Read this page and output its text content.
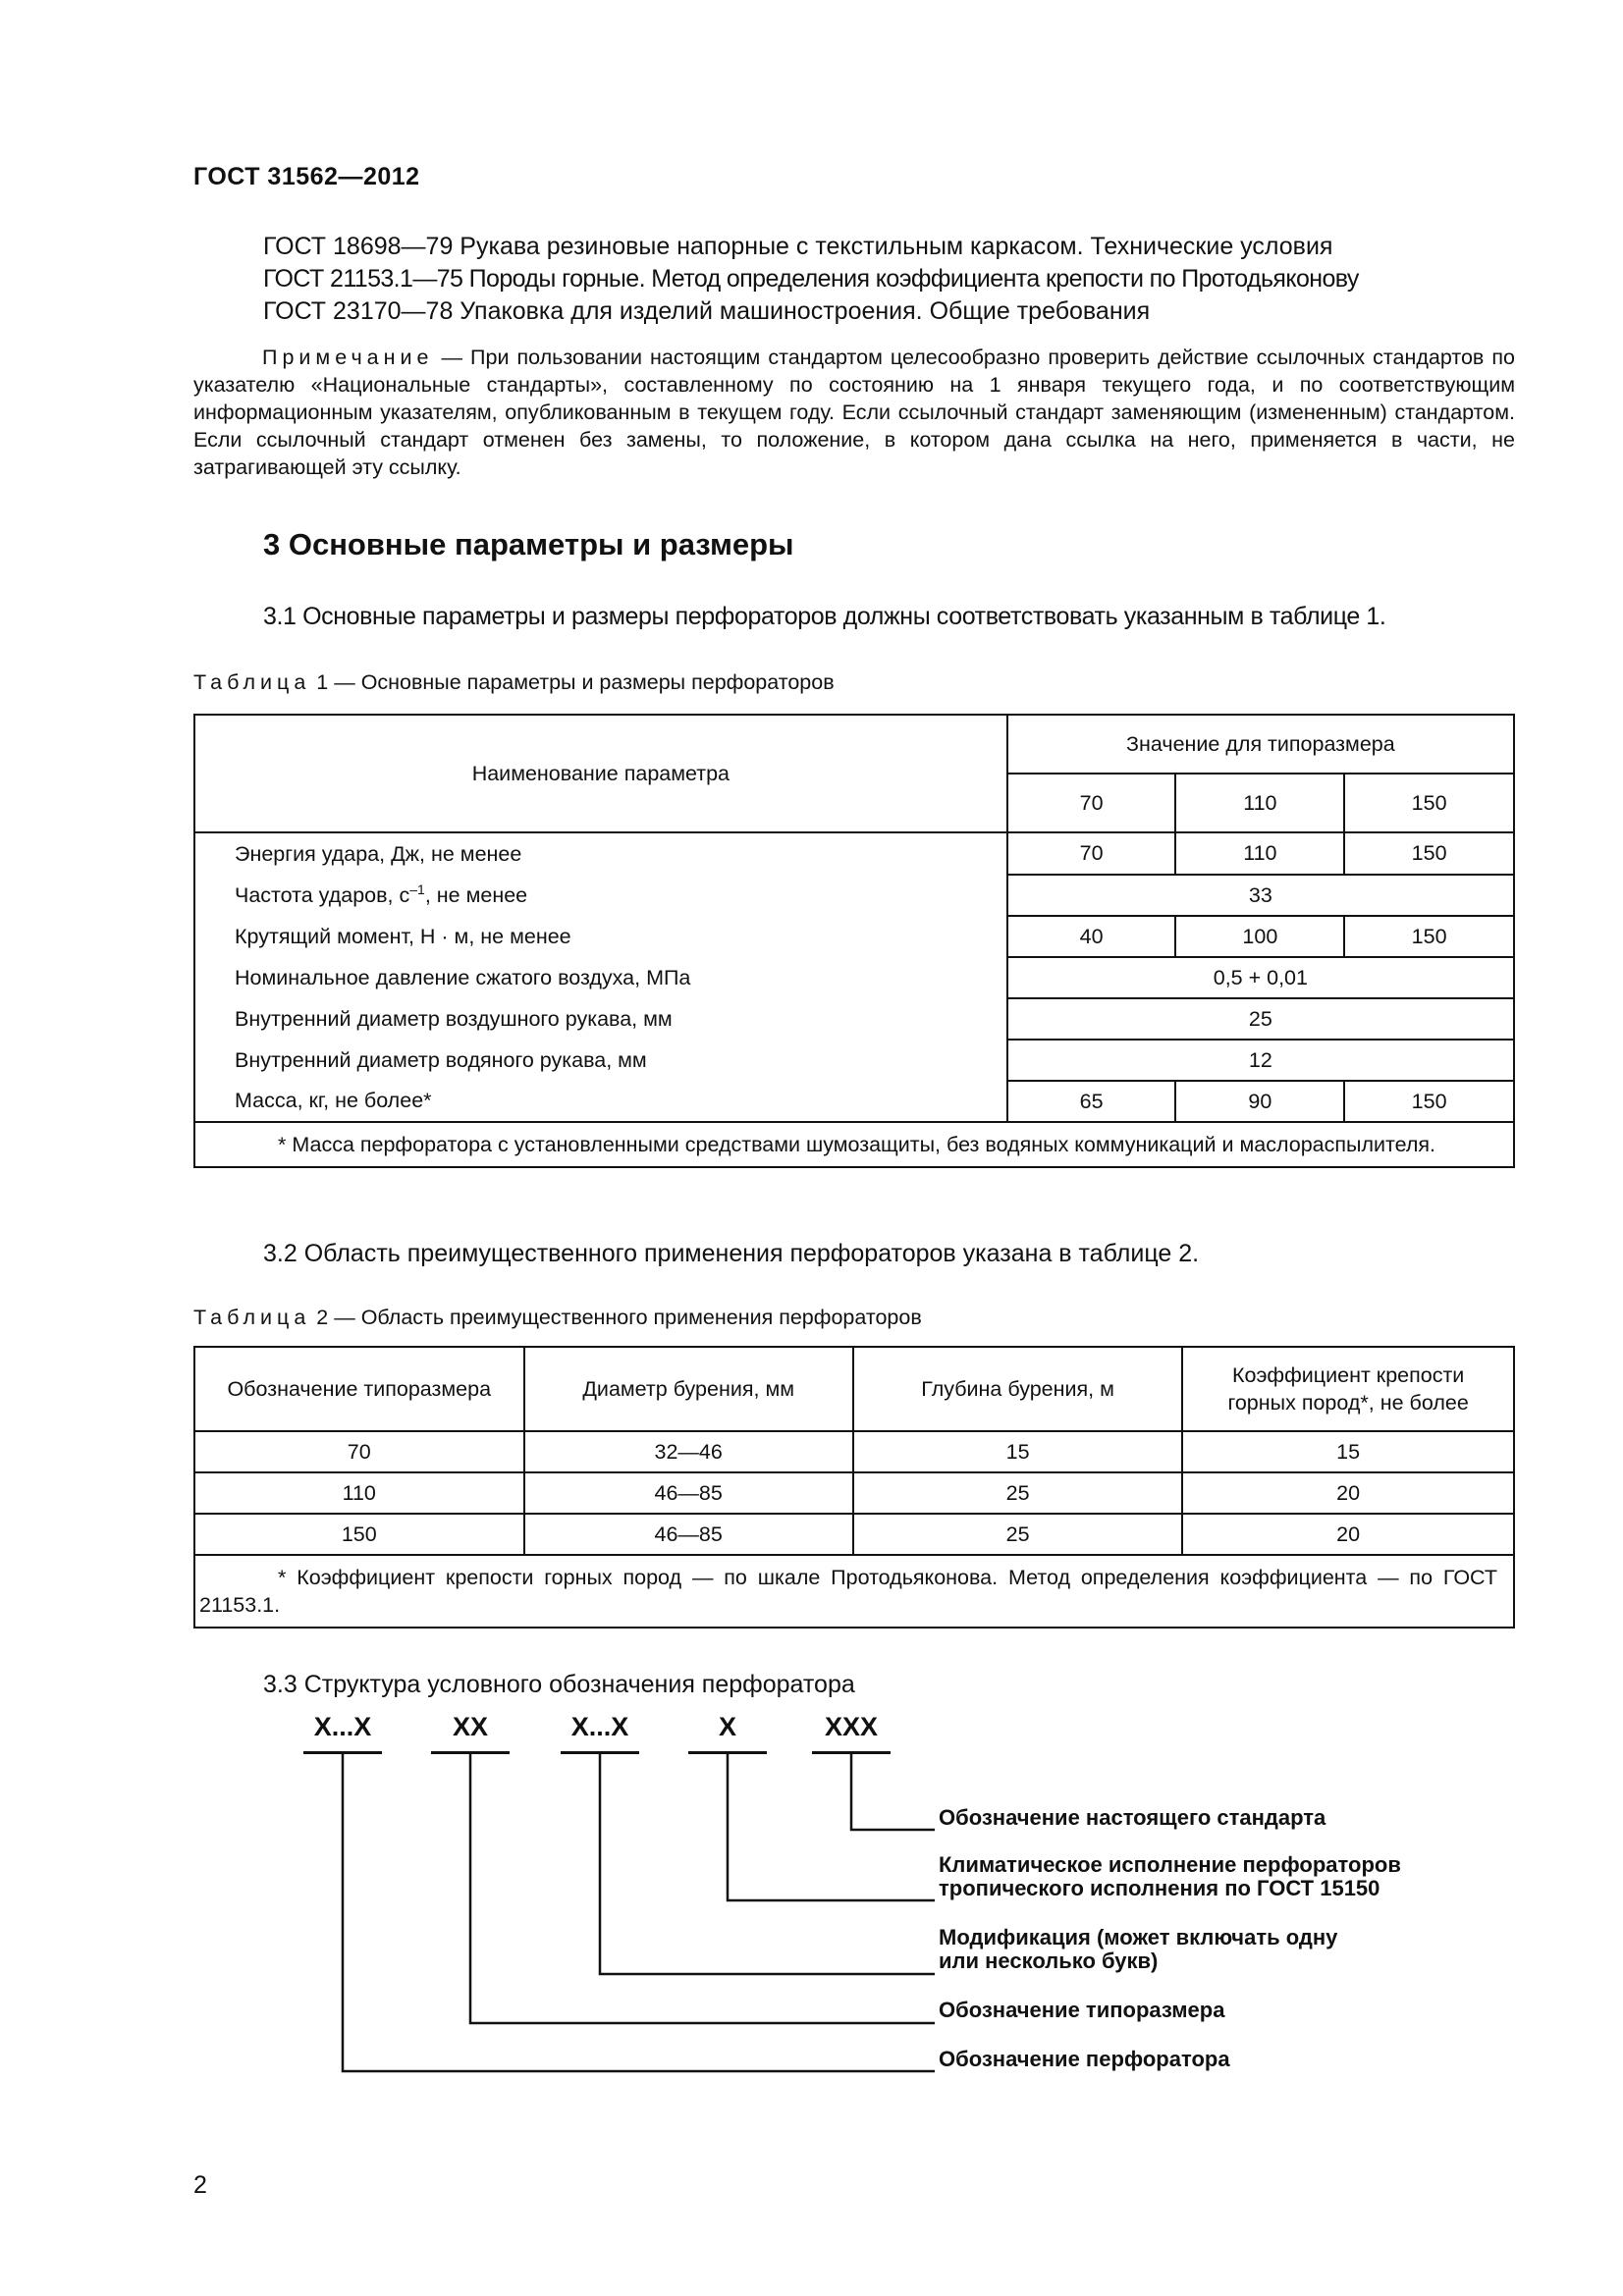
ГОСТ 31562—2012
ГОСТ 18698—79 Рукава резиновые напорные с текстильным каркасом. Технические условия
ГОСТ 21153.1—75 Породы горные. Метод определения коэффициента крепости по Протодьяконову
ГОСТ 23170—78 Упаковка для изделий машиностроения. Общие требования

Примечание — При пользовании настоящим стандартом целесообразно проверить действие ссылочных стандартов по указателю «Национальные стандарты», составленному по состоянию на 1 января текущего года, и по соответствующим информационным указателям, опубликованным в текущем году. Если ссылочный стандарт заменяющим (измененным) стандартом. Если ссылочный стандарт отменен без замены, то положение, в котором дана ссылка на него, применяется в части, не затрагивающей эту ссылку.

3 Основные параметры и размеры
3.1 Основные параметры и размеры перфораторов должны соответствовать указанным в таблице 1.
Таблица 1 — Основные параметры и размеры перфораторов
Наименование параметра	Значение для типоразмера		
	70	110	150
Энергия удара, Дж, не менее	70	110	150
Частота ударов, $с^{-1}$, не менее	33		
Крутящий момент, Н · м, не менее	40	100	150
Номинальное давление сжатого воздуха, МПа	0,5 + 0,01		
Внутренний диаметр воздушного рукава, мм	25		
Внутренний диаметр водяного рукава, мм	12		
Масса, кг, не более*	65	90	150
* Масса перфоратора с установленными средствами шумозащиты, без водяных коммуникаций и маслораспылителя.			
3.2 Область преимущественного применения перфораторов указана в таблице 2.
Таблица 2 — Область преимущественного применения перфораторов
Обозначение типоразмера	Диаметр бурения, мм	Глубина бурения, м	Коэффициент крепости горных пород*, не более
70	32—46	15	15
110	46—85	25	20
150	46—85	25	20
* Коэффициент крепости горных пород — по шкале Протодьяконова. Метод определения коэффициента — по ГОСТ 21153.1.			
3.3 Структура условного обозначения перфоратора
X...X	XX	X...X	X	XXX
Обозначение настоящего стандарта
Климатическое исполнение перфораторов
тропического исполнения по ГОСТ 15150
Модификация (может включать одну
или несколько букв)
Обозначение типоразмера
Обозначение перфоратора
2
